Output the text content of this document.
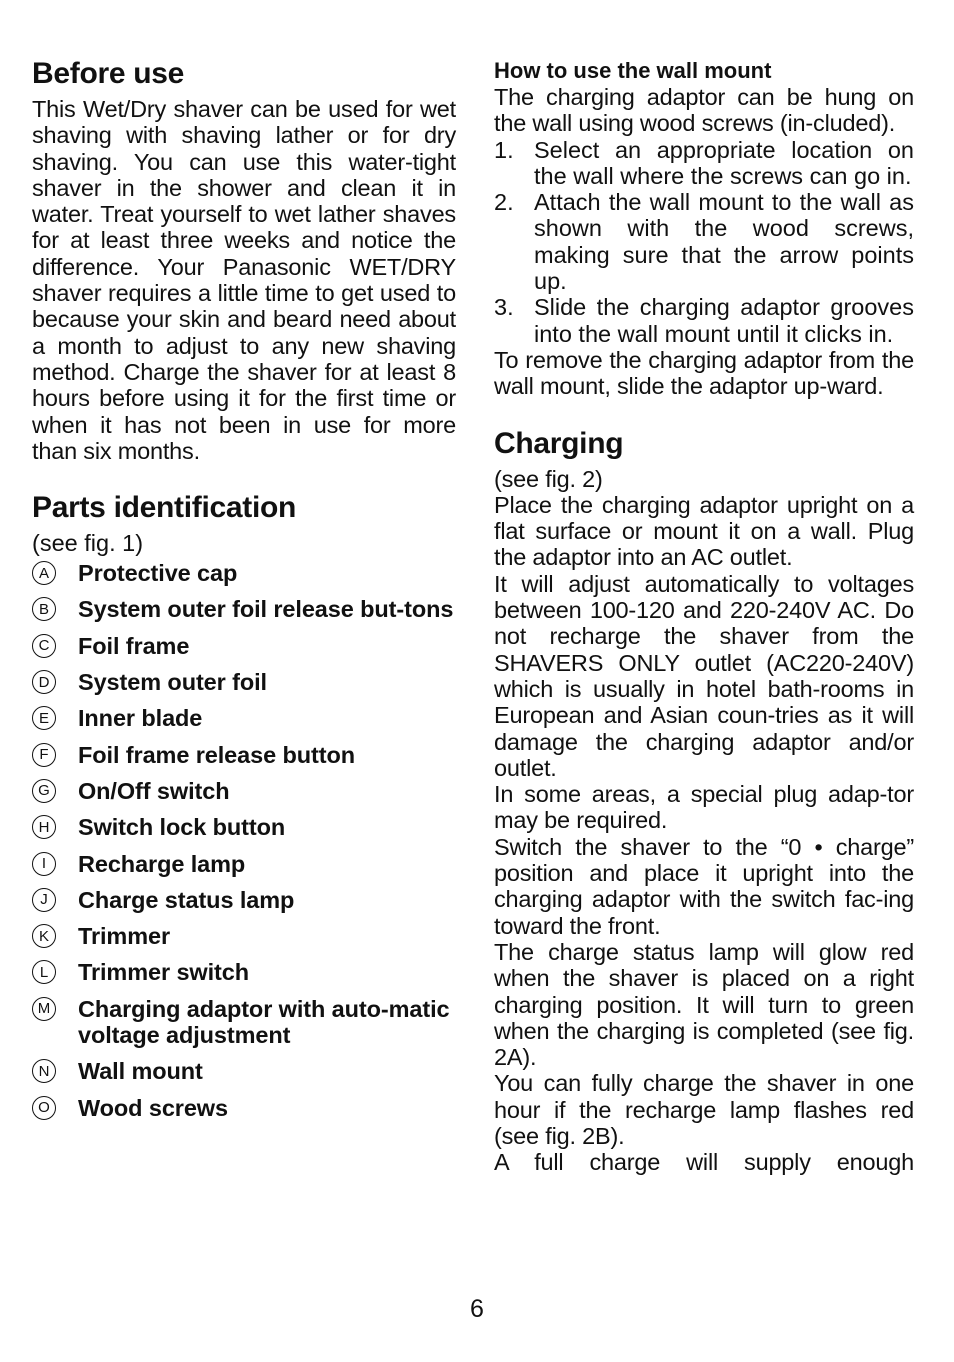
Before use

This Wet/Dry shaver can be used for wet shaving with shaving lather or for dry shaving. You can use this water-tight shaver in the shower and clean it in water. Treat yourself to wet lather shaves for at least three weeks and notice the difference. Your Panasonic WET/DRY shaver requires a little time to get used to because your skin and beard need about a month to adjust to any new shaving method. Charge the shaver for at least 8 hours before using it for the first time or when it has not been in use for more than six months.

Parts identification

(see fig. 1)

A Protective cap
B System outer foil release but-tons
C Foil frame
D System outer foil
E Inner blade
F	Foil frame release button
G On/Off switch
H Switch lock button
I	Recharge lamp
J	Charge status lamp
K Trimmer
L	Trimmer switch
M Charging adaptor with auto-matic voltage adjustment
N Wall mount
O Wood screws
How to use the wall mount

The charging adaptor can be hung on the wall using wood screws (in-cluded).

1. Select an appropriate location on the wall where the screws can go in.
2. Attach the wall mount to the wall as shown with the wood screws, making sure that the arrow points up.
3. Slide the charging adaptor grooves into the wall mount until it clicks in.

To remove the charging adaptor from the wall mount, slide the adaptor up-ward.

Charging

(see fig. 2)

Place the charging adaptor upright on a flat surface or mount it on a wall. Plug the adaptor into an AC outlet.

It will adjust automatically to voltages between 100-120 and 220-240V AC. Do not recharge the shaver from the SHAVERS ONLY outlet (AC220-240V) which is usually in hotel bath-rooms in European and Asian coun-tries as it will damage the charging adaptor and/or outlet.

In some areas, a special plug adap-tor may be required.

Switch the shaver to the “0 • charge” position and place it upright into the charging adaptor with the switch fac-ing toward the front.

The charge status lamp will glow red when the shaver is placed on a right charging position. It will turn to green when the charging is completed (see fig. 2A).

You can fully charge the shaver in one hour if the recharge lamp flashes red (see fig. 2B).

A full charge will supply enough

6
